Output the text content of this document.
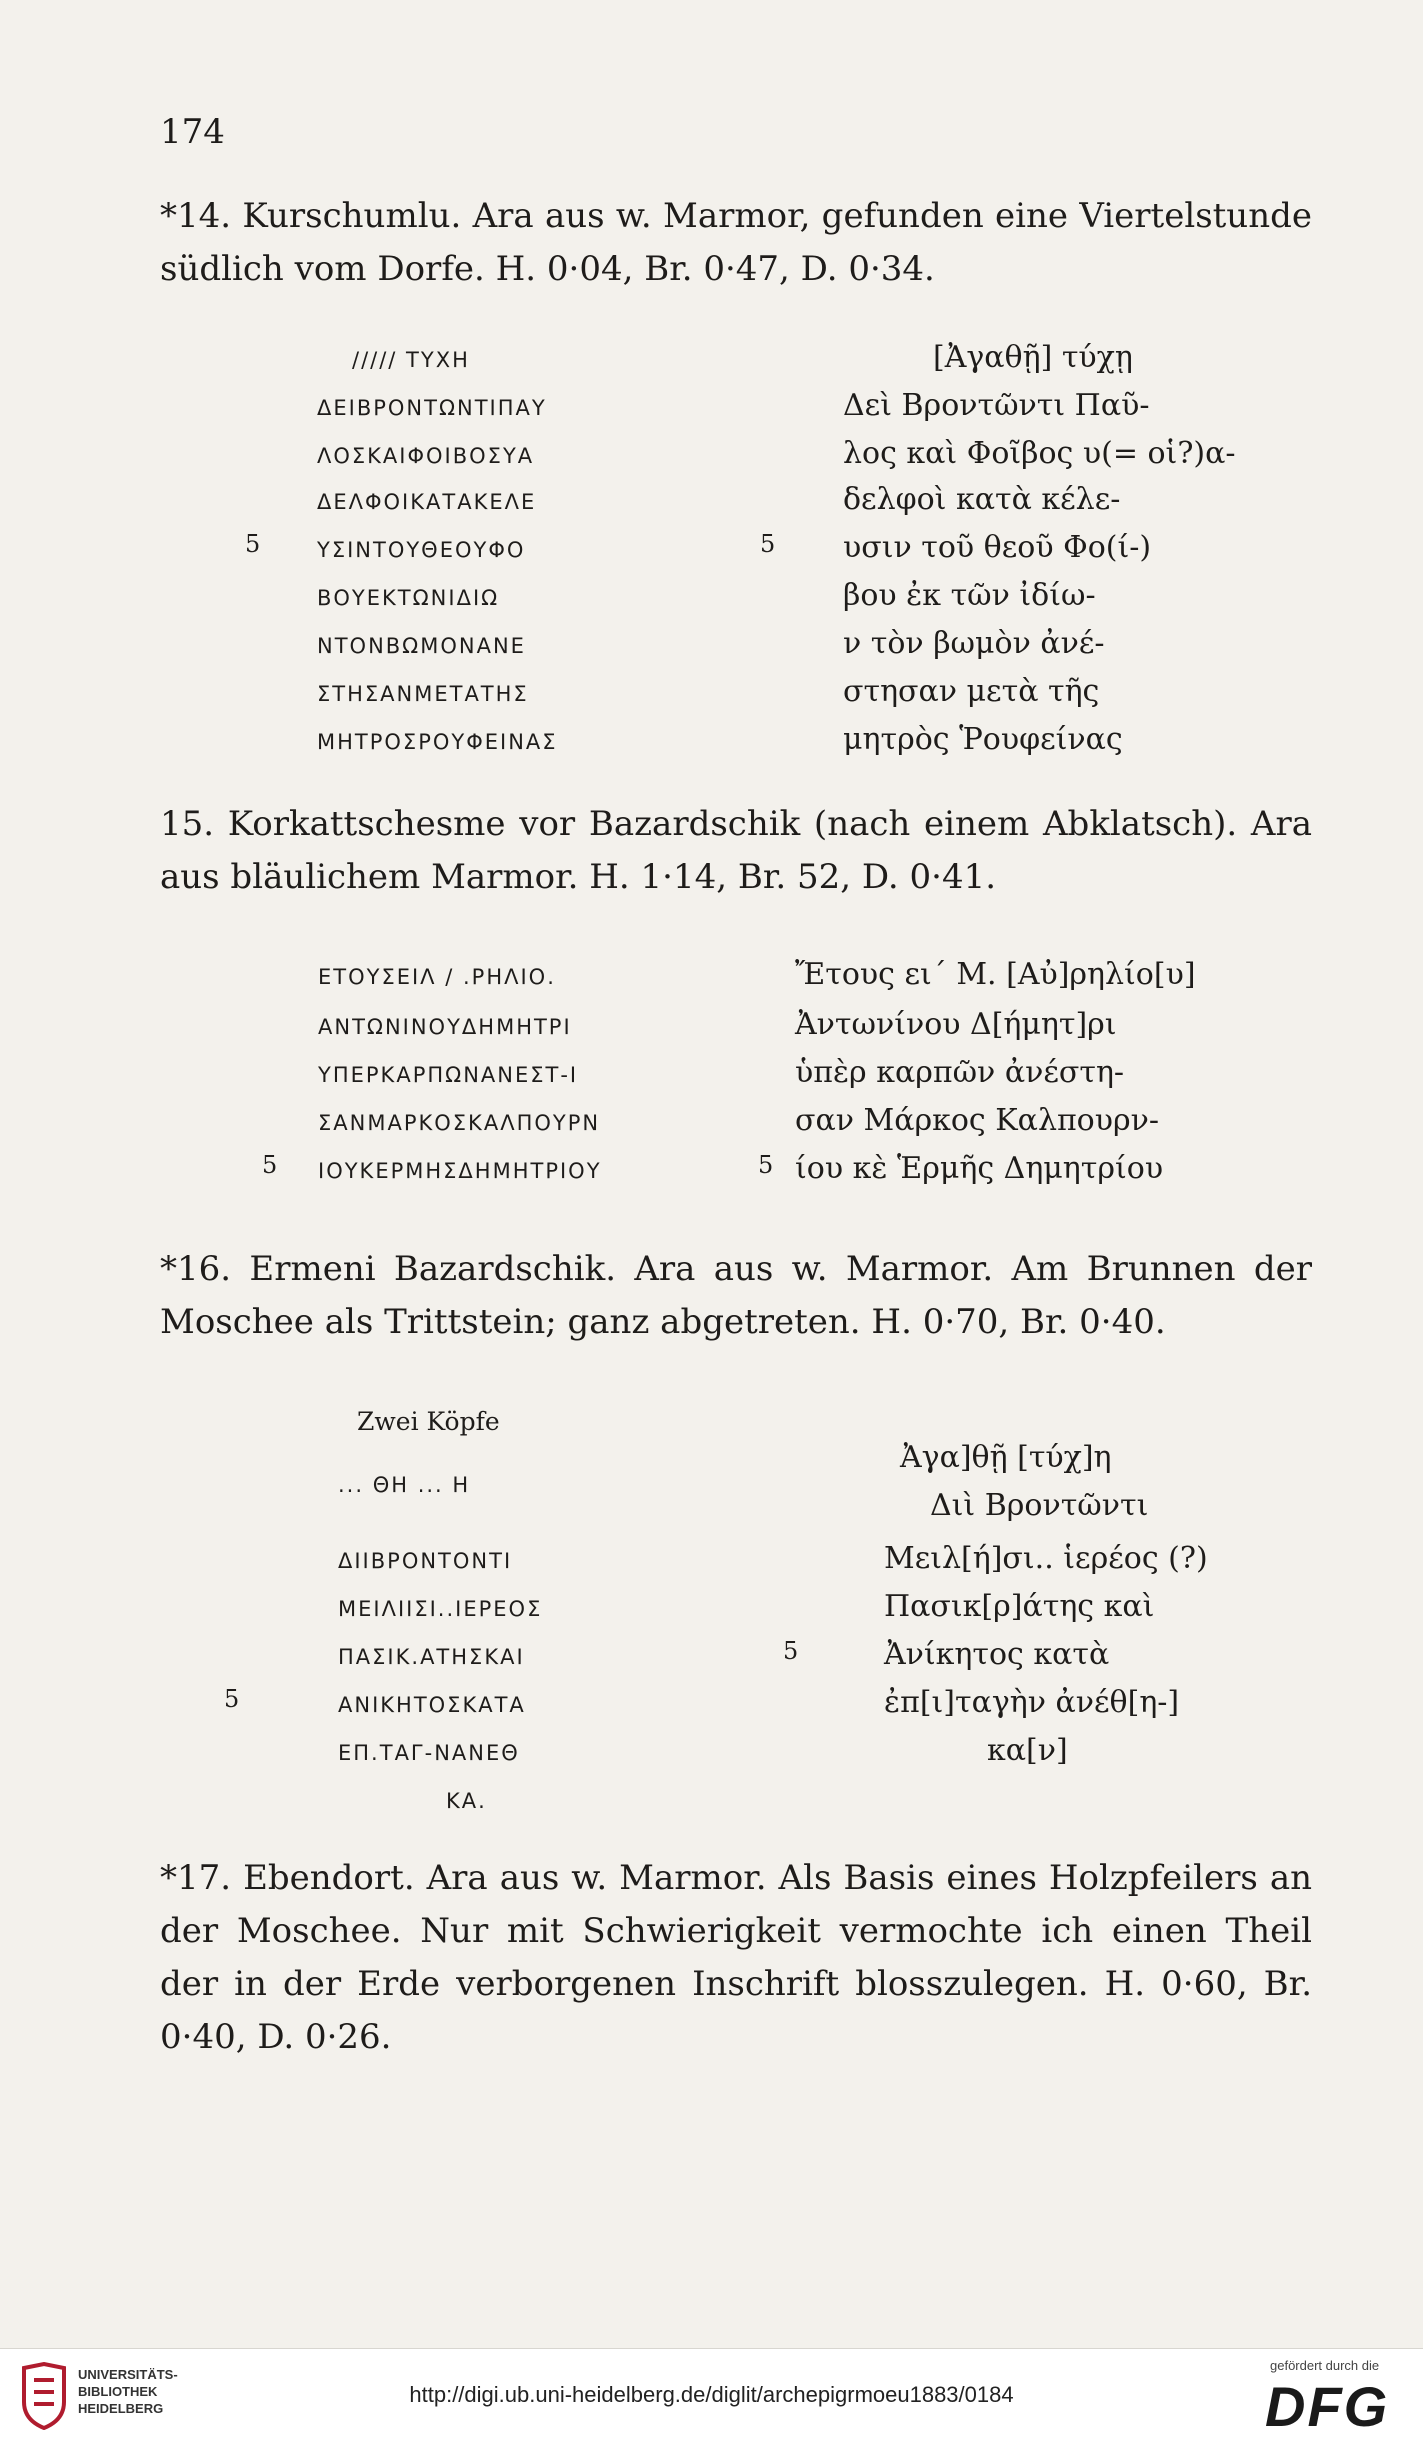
174
*14. Kurschumlu. Ara aus w. Marmor, gefunden eine Viertelstunde südlich vom Dorfe. H. 0·04, Br. 0·47, D. 0·34.
///// ΤΥΧΗ
ΔΕΙΒΡΟΝΤΩΝΤΙΠΑΥ
ΛΟΣΚΑΙΦΟΙΒΟΣΥΑ
ΔΕΛΦΟΙΚΑΤΑΚΕΛΕ
ΥΣΙΝΤΟΥΘΕΟΥΦΟ
ΒΟΥΕΚΤΩΝΙΔΙΩ
ΝΤΟΝΒΩΜΟΝΑΝΕ
ΣΤΗΣΑΝΜΕΤΑΤΗΣ
ΜΗΤΡΟΣΡΟΥΦΕΙΝΑΣ
5	5
[Ἀγαθῇ] τύχῃ
Δεὶ Βροντῶντι Παῦ-
λος καὶ Φοῖβος υ(= οἱ?)α-
δελφοὶ κατὰ κέλε-
υσιν τοῦ θεοῦ Φο(ί-)
βου ἐκ τῶν ἰδίω-
ν τὸν βωμὸν ἀνέ-
στησαν μετὰ τῆς
μητρὸς Ῥουφείνας
15. Korkattschesme vor Bazardschik (nach einem Abklatsch). Ara aus bläulichem Marmor. H. 1·14, Br. 52, D. 0·41.
ΕΤΟΥΣΕΙΛ / .ΡΗΛΙΟ.
ΑΝΤΩΝΙΝΟΥΔΗΜΗΤΡΙ
ΥΠΕΡΚΑΡΠΩΝΑΝΕΣΤ-Ι
ΣΑΝΜΑΡΚΟΣΚΑΛΠΟΥΡΝ
ΙΟΥΚΕΡΜΗΣΔΗΜΗΤΡΙΟΥ
5	5
Ἔτους ει΄ Μ. [Αὐ]ρηλίο[υ]
Ἀντωνίνου Δ[ήμητ]ρι
ὑπὲρ καρπῶν ἀνέστη-
σαν Μάρκος Καλπουρν-
ίου κὲ Ἑρμῆς Δημητρίου
*16. Ermeni Bazardschik. Ara aus w. Marmor. Am Brunnen der Moschee als Trittstein; ganz abgetreten. H. 0·70, Br. 0·40.
Zwei Köpfe
... ΘΗ ... Η
ΔΙΙΒΡΟΝΤΟΝΤΙ
ΜΕΙΛΙΙΣΙ..ΙΕΡΕΟΣ
ΠΑΣΙΚ.ΑΤΗΣΚΑΙ
ΑΝΙΚΗΤΟΣΚΑΤΑ
ΕΠ.ΤΑΓ-ΝΑΝΕΘ
ΚΑ.
5
5
Ἀγα]θῇ [τύχ]η
Διὶ Βροντῶντι
Μειλ[ή]σι.. ἱερέος (?)
Πασικ[ρ]άτης καὶ
Ἀνίκητος κατὰ
ἐπ[ι]ταγὴν ἀνέθ[η-]
κα[ν]
*17. Ebendort. Ara aus w. Marmor. Als Basis eines Holzpfeilers an der Moschee. Nur mit Schwierigkeit vermochte ich einen Theil der in der Erde verborgenen Inschrift blosszulegen. H. 0·60, Br. 0·40, D. 0·26.
UNIVERSITÄTS-
BIBLIOTHEK
HEIDELBERG
http://digi.ub.uni-heidelberg.de/diglit/archepigrmoeu1883/0184
gefördert durch die
DFG
